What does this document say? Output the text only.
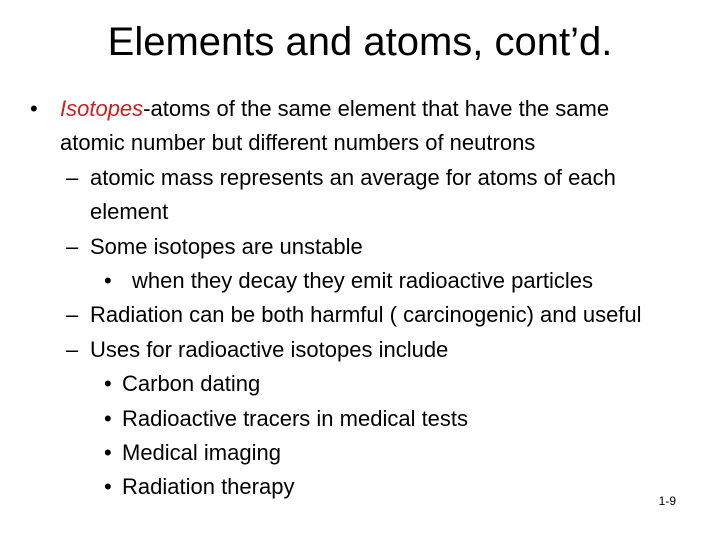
Elements and atoms, cont’d.
• Isotopes-atoms of the same element that have the same
atomic number but different numbers of neutrons
– atomic mass represents an average for atoms of each
element
– Some isotopes are unstable
• when they decay they emit radioactive particles
– Radiation can be both harmful ( carcinogenic) and useful
– Uses for radioactive isotopes include
• Carbon dating
• Radioactive tracers in medical tests
• Medical imaging
• Radiation therapy
1-9
